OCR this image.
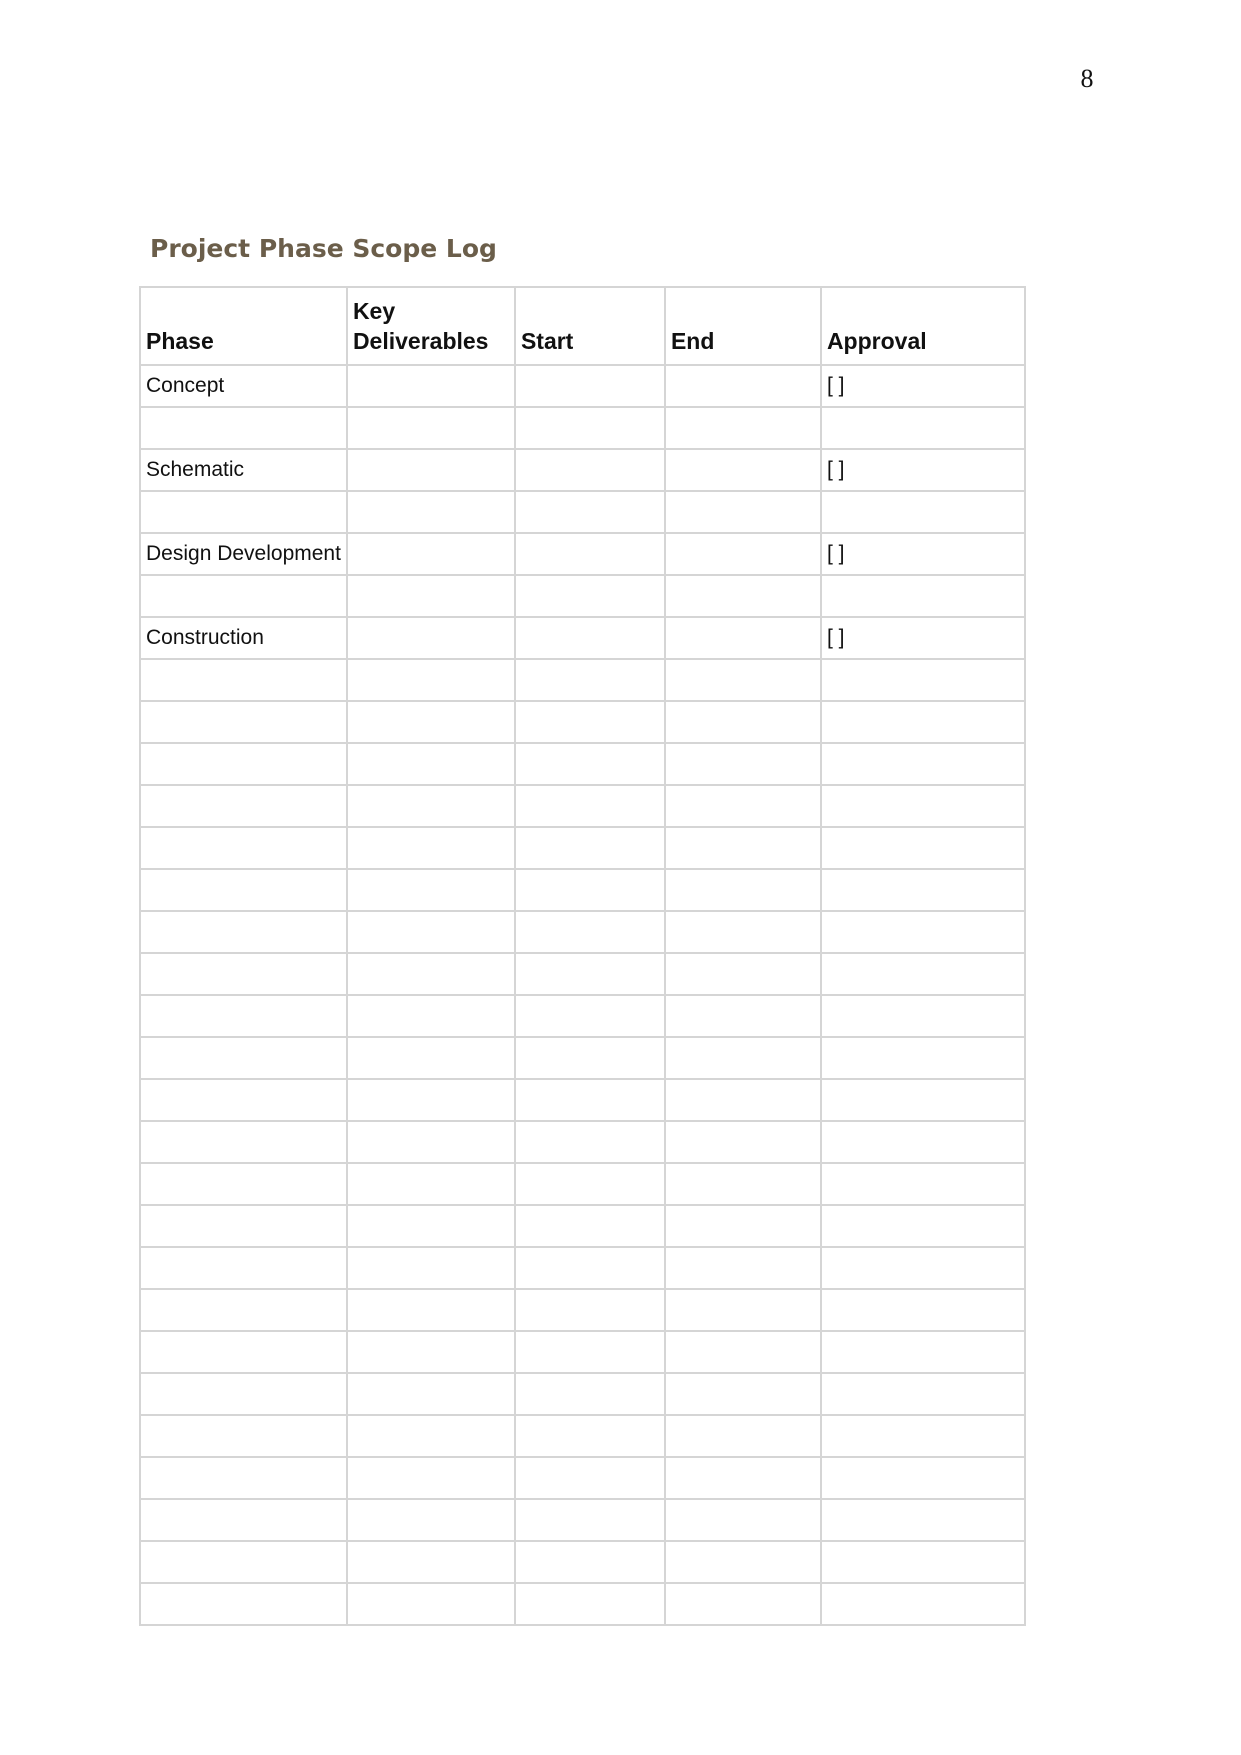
8
Project Phase Scope Log
Phase	Key Deliverables	Start	End	Approval
Concept				[ ]

Schematic				[ ]

Design Development				[ ]

Construction				[ ]
